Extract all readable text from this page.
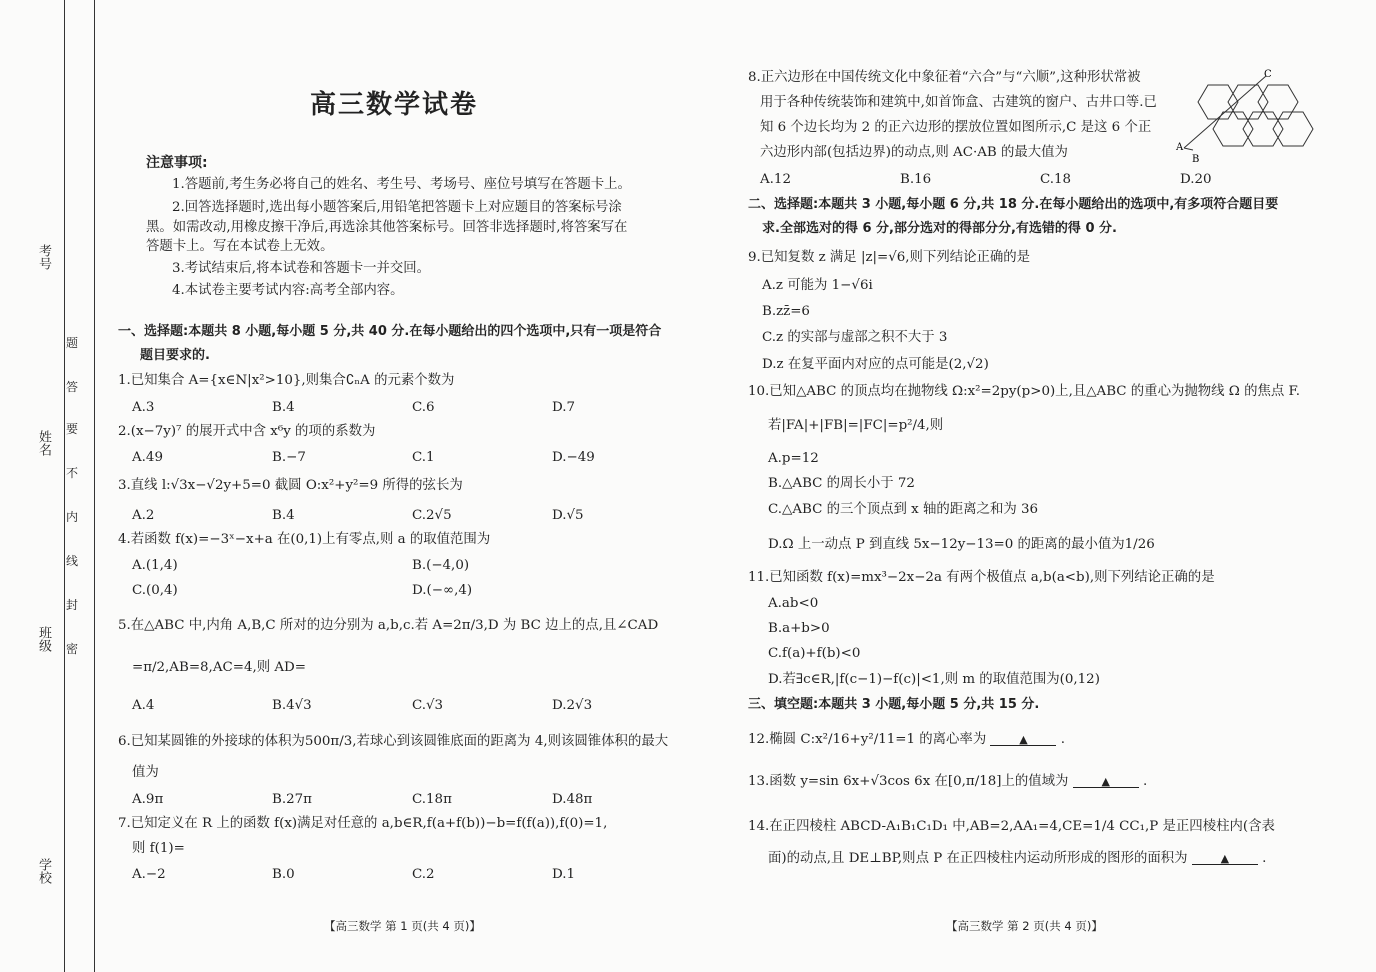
考号
姓名
班级
学校
题
答
要
不
内
线
封
密
高三数学试卷
注意事项:
1.答题前,考生务必将自己的姓名、考生号、考场号、座位号填写在答题卡上。
2.回答选择题时,选出每小题答案后,用铅笔把答题卡上对应题目的答案标号涂
黑。如需改动,用橡皮擦干净后,再选涂其他答案标号。回答非选择题时,将答案写在
答题卡上。写在本试卷上无效。
3.考试结束后,将本试卷和答题卡一并交回。
4.本试卷主要考试内容:高考全部内容。
一、选择题:本题共 8 小题,每小题 5 分,共 40 分.在每小题给出的四个选项中,只有一项是符合
题目要求的.
1.已知集合 A={x∈N|x²>10},则集合∁ₙA 的元素个数为
A.3	B.4	C.6	D.7
2.(x−7y)⁷ 的展开式中含 x⁶y 的项的系数为
A.49	B.−7	C.1	D.−49
3.直线 l:√3x−√2y+5=0 截圆 O:x²+y²=9 所得的弦长为
A.2	B.4	C.2√5	D.√5
4.若函数 f(x)=−3ˣ−x+a 在(0,1)上有零点,则 a 的取值范围为
A.(1,4)	B.(−4,0)
C.(0,4)	D.(−∞,4)
5.在△ABC 中,内角 A,B,C 所对的边分别为 a,b,c.若 A=2π/3,D 为 BC 边上的点,且∠CAD
=π/2,AB=8,AC=4,则 AD=
A.4	B.4√3	C.√3	D.2√3
6.已知某圆锥的外接球的体积为500π/3,若球心到该圆锥底面的距离为 4,则该圆锥体积的最大
值为
A.9π	B.27π	C.18π	D.48π
7.已知定义在 R 上的函数 f(x)满足对任意的 a,b∈R,f(a+f(b))−b=f(f(a)),f(0)=1,
则 f(1)=
A.−2	B.0	C.2	D.1
【高三数学 第 1 页(共 4 页)】
8.正六边形在中国传统文化中象征着“六合”与“六顺”,这种形状常被
用于各种传统装饰和建筑中,如首饰盒、古建筑的窗户、古井口等.已
知 6 个边长均为 2 的正六边形的摆放位置如图所示,C 是这 6 个正
六边形内部(包括边界)的动点,则 AC·AB 的最大值为	A
B
C
A.12	B.16	C.18	D.20
二、选择题:本题共 3 小题,每小题 6 分,共 18 分.在每小题给出的选项中,有多项符合题目要
求.全部选对的得 6 分,部分选对的得部分分,有选错的得 0 分.
9.已知复数 z 满足 |z|=√6,则下列结论正确的是
A.z 可能为 1−√6i
B.zz̄=6
C.z 的实部与虚部之积不大于 3
D.z 在复平面内对应的点可能是(2,√2)
10.已知△ABC 的顶点均在抛物线 Ω:x²=2py(p>0)上,且△ABC 的重心为抛物线 Ω 的焦点 F.
若|FA|+|FB|=|FC|=p²/4,则
A.p=12
B.△ABC 的周长小于 72
C.△ABC 的三个顶点到 x 轴的距离之和为 36
D.Ω 上一动点 P 到直线 5x−12y−13=0 的距离的最小值为1/26
11.已知函数 f(x)=mx³−2x−2a 有两个极值点 a,b(a<b),则下列结论正确的是
A.ab<0
B.a+b>0
C.f(a)+f(b)<0
D.若∃c∈R,|f(c−1)−f(c)|<1,则 m 的取值范围为(0,12)
三、填空题:本题共 3 小题,每小题 5 分,共 15 分.
12.椭圆 C:x²/16+y²/11=1 的离心率为	▲ .
13.函数 y=sin 6x+√3cos 6x 在[0,π/18]上的值域为	▲ .
14.在正四棱柱 ABCD-A₁B₁C₁D₁ 中,AB=2,AA₁=4,CE=1/4 CC₁,P 是正四棱柱内(含表
面)的动点,且 DE⊥BP,则点 P 在正四棱柱内运动所形成的图形的面积为	▲ .
【高三数学 第 2 页(共 4 页)】
